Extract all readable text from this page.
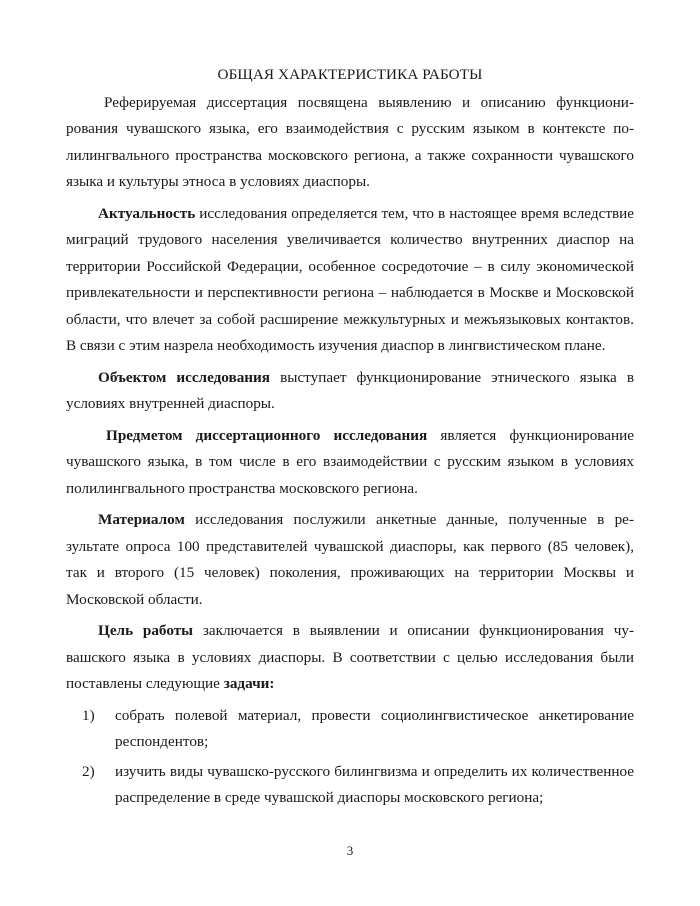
ОБЩАЯ ХАРАКТЕРИСТИКА РАБОТЫ

Реферируемая диссертация посвящена выявлению и описанию функционирования чувашского языка, его взаимодействия с русским языком в контексте полилингвального пространства московского региона, а также сохранности чувашского языка и культуры этноса в условиях диаспоры.

Актуальность исследования определяется тем, что в настоящее время вследствие миграций трудового населения увеличивается количество внутренних диаспор на территории Российской Федерации, особенное сосредоточие – в силу экономической привлекательности и перспективности региона – наблюдается в Москве и Московской области, что влечет за собой расширение межкультурных и межъязыковых контактов. В связи с этим назрела необходимость изучения диаспор в лингвистическом плане.

Объектом исследования выступает функционирование этнического языка в условиях внутренней диаспоры.

Предметом диссертационного исследования является функционирование чувашского языка, в том числе в его взаимодействии с русским языком в условиях полилингвального пространства московского региона.

Материалом исследования послужили анкетные данные, полученные в результате опроса 100 представителей чувашской диаспоры, как первого (85 человек), так и второго (15 человек) поколения, проживающих на территории Москвы и Московской области.

Цель работы заключается в выявлении и описании функционирования чувашского языка в условиях диаспоры. В соответствии с целью исследования были поставлены следующие задачи:

1) собрать полевой материал, провести социолингвистическое анкетирование респондентов;
2) изучить виды чувашско-русского билингвизма и определить их количественное распределение в среде чувашской диаспоры московского региона;
3
